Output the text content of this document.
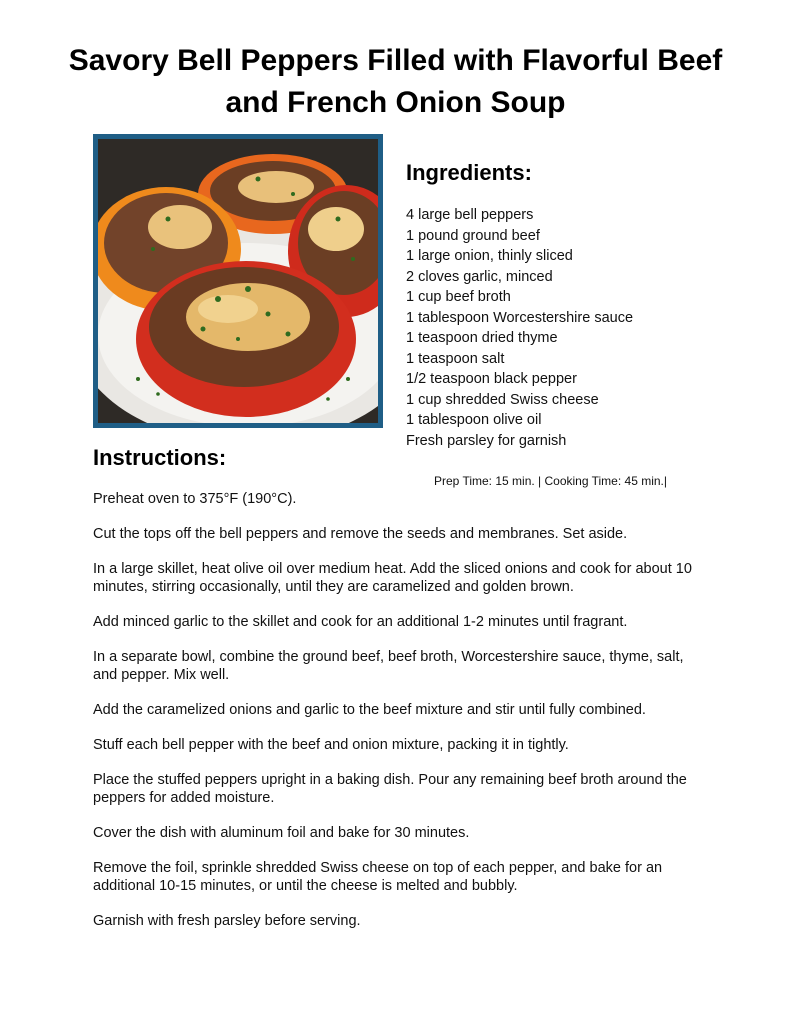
Savory Bell Peppers Filled with Flavorful Beef and French Onion Soup
Ingredients:
4 large bell peppers
1 pound ground beef
1 large onion, thinly sliced
2 cloves garlic, minced
1 cup beef broth
1 tablespoon Worcestershire sauce
1 teaspoon dried thyme
1 teaspoon salt
1/2 teaspoon black pepper
1 cup shredded Swiss cheese
1 tablespoon olive oil
Fresh parsley for garnish
Instructions:
Prep Time: 15 min. | Cooking Time: 45 min.|

Preheat oven to 375°F (190°C).

Cut the tops off the bell peppers and remove the seeds and membranes. Set aside.

In a large skillet, heat olive oil over medium heat. Add the sliced onions and cook for about 10 minutes, stirring occasionally, until they are caramelized and golden brown.

Add minced garlic to the skillet and cook for an additional 1-2 minutes until fragrant.

In a separate bowl, combine the ground beef, beef broth, Worcestershire sauce, thyme, salt, and pepper. Mix well.

Add the caramelized onions and garlic to the beef mixture and stir until fully combined.

Stuff each bell pepper with the beef and onion mixture, packing it in tightly.

Place the stuffed peppers upright in a baking dish. Pour any remaining beef broth around the peppers for added moisture.

Cover the dish with aluminum foil and bake for 30 minutes.

Remove the foil, sprinkle shredded Swiss cheese on top of each pepper, and bake for an additional 10-15 minutes, or until the cheese is melted and bubbly.

Garnish with fresh parsley before serving.
